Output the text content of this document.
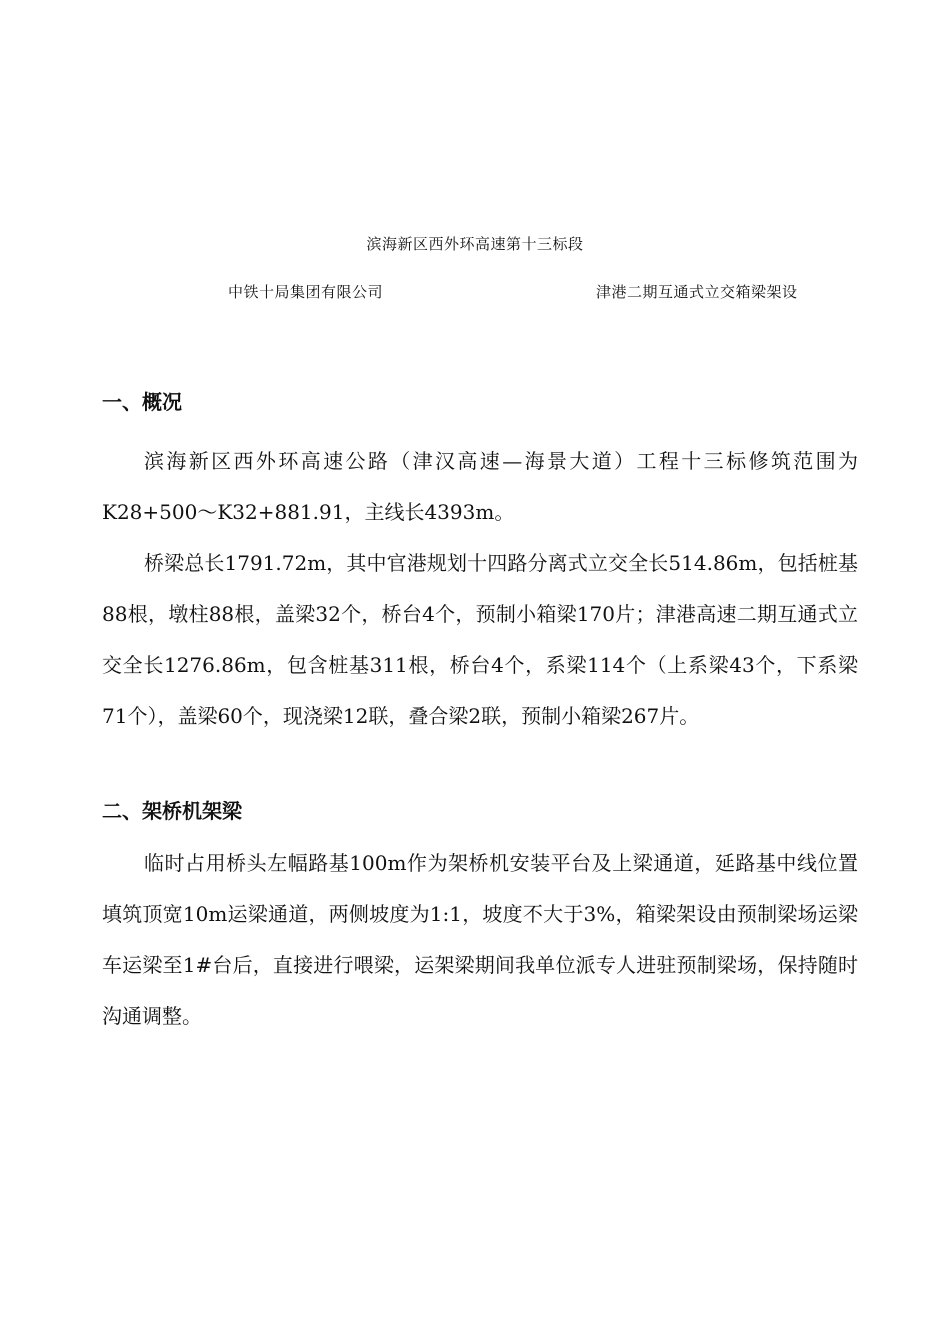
滨海新区西外环高速第十三标段
中铁十局集团有限公司	津港二期互通式立交箱梁架设
一、概况
滨海新区西外环高速公路（津汉高速—海景大道）工程十三标修筑范围为K28+500～K32+881.91，主线长4393m。
桥梁总长1791.72m，其中官港规划十四路分离式立交全长514.86m，包括桩基88根，墩柱88根，盖梁32个，桥台4个，预制小箱梁170片；津港高速二期互通式立交全长1276.86m，包含桩基311根，桥台4个，系梁114个（上系梁43个，下系梁71个），盖梁60个，现浇梁12联，叠合梁2联，预制小箱梁267片。
二、架桥机架梁
临时占用桥头左幅路基100m作为架桥机安装平台及上梁通道，延路基中线位置填筑顶宽10m运梁通道，两侧坡度为1:1，坡度不大于3%，箱梁架设由预制梁场运梁车运梁至1#台后，直接进行喂梁，运架梁期间我单位派专人进驻预制梁场，保持随时沟通调整。
